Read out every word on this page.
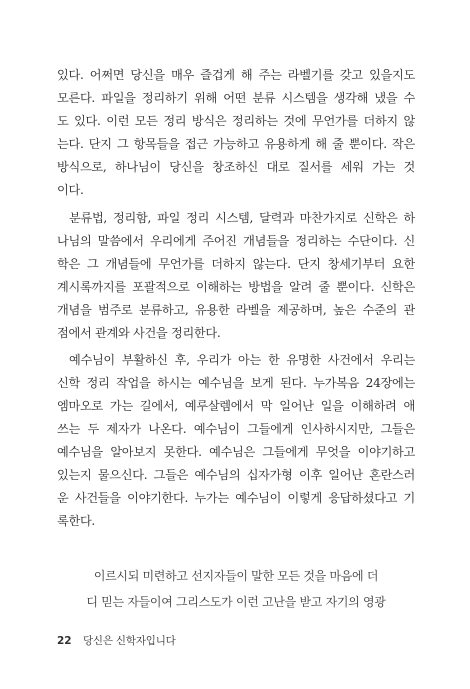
있다. 어쩌면 당신을 매우 즐겁게 해 주는 라벨기를 갖고 있을지도
모른다. 파일을 정리하기 위해 어떤 분류 시스템을 생각해 냈을 수
도 있다. 이런 모든 정리 방식은 정리하는 것에 무언가를 더하지 않
는다. 단지 그 항목들을 접근 가능하고 유용하게 해 줄 뿐이다. 작은
방식으로, 하나님이 당신을 창조하신 대로 질서를 세워 가는 것
이다.
분류법, 정리함, 파일 정리 시스템, 달력과 마찬가지로 신학은 하
나님의 말씀에서 우리에게 주어진 개념들을 정리하는 수단이다. 신
학은 그 개념들에 무언가를 더하지 않는다. 단지 창세기부터 요한
계시록까지를 포괄적으로 이해하는 방법을 알려 줄 뿐이다. 신학은
개념을 범주로 분류하고, 유용한 라벨을 제공하며, 높은 수준의 관
점에서 관계와 사건을 정리한다.
예수님이 부활하신 후, 우리가 아는 한 유명한 사건에서 우리는
신학 정리 작업을 하시는 예수님을 보게 된다. 누가복음 24장에는
엠마오로 가는 길에서, 예루살렘에서 막 일어난 일을 이해하려 애
쓰는 두 제자가 나온다. 예수님이 그들에게 인사하시지만, 그들은
예수님을 알아보지 못한다. 예수님은 그들에게 무엇을 이야기하고
있는지 물으신다. 그들은 예수님의 십자가형 이후 일어난 혼란스러
운 사건들을 이야기한다. 누가는 예수님이 이렇게 응답하셨다고 기
록한다.
이르시되 미련하고 선지자들이 말한 모든 것을 마음에 더
디 믿는 자들이여 그리스도가 이런 고난을 받고 자기의 영광
22 당신은 신학자입니다
